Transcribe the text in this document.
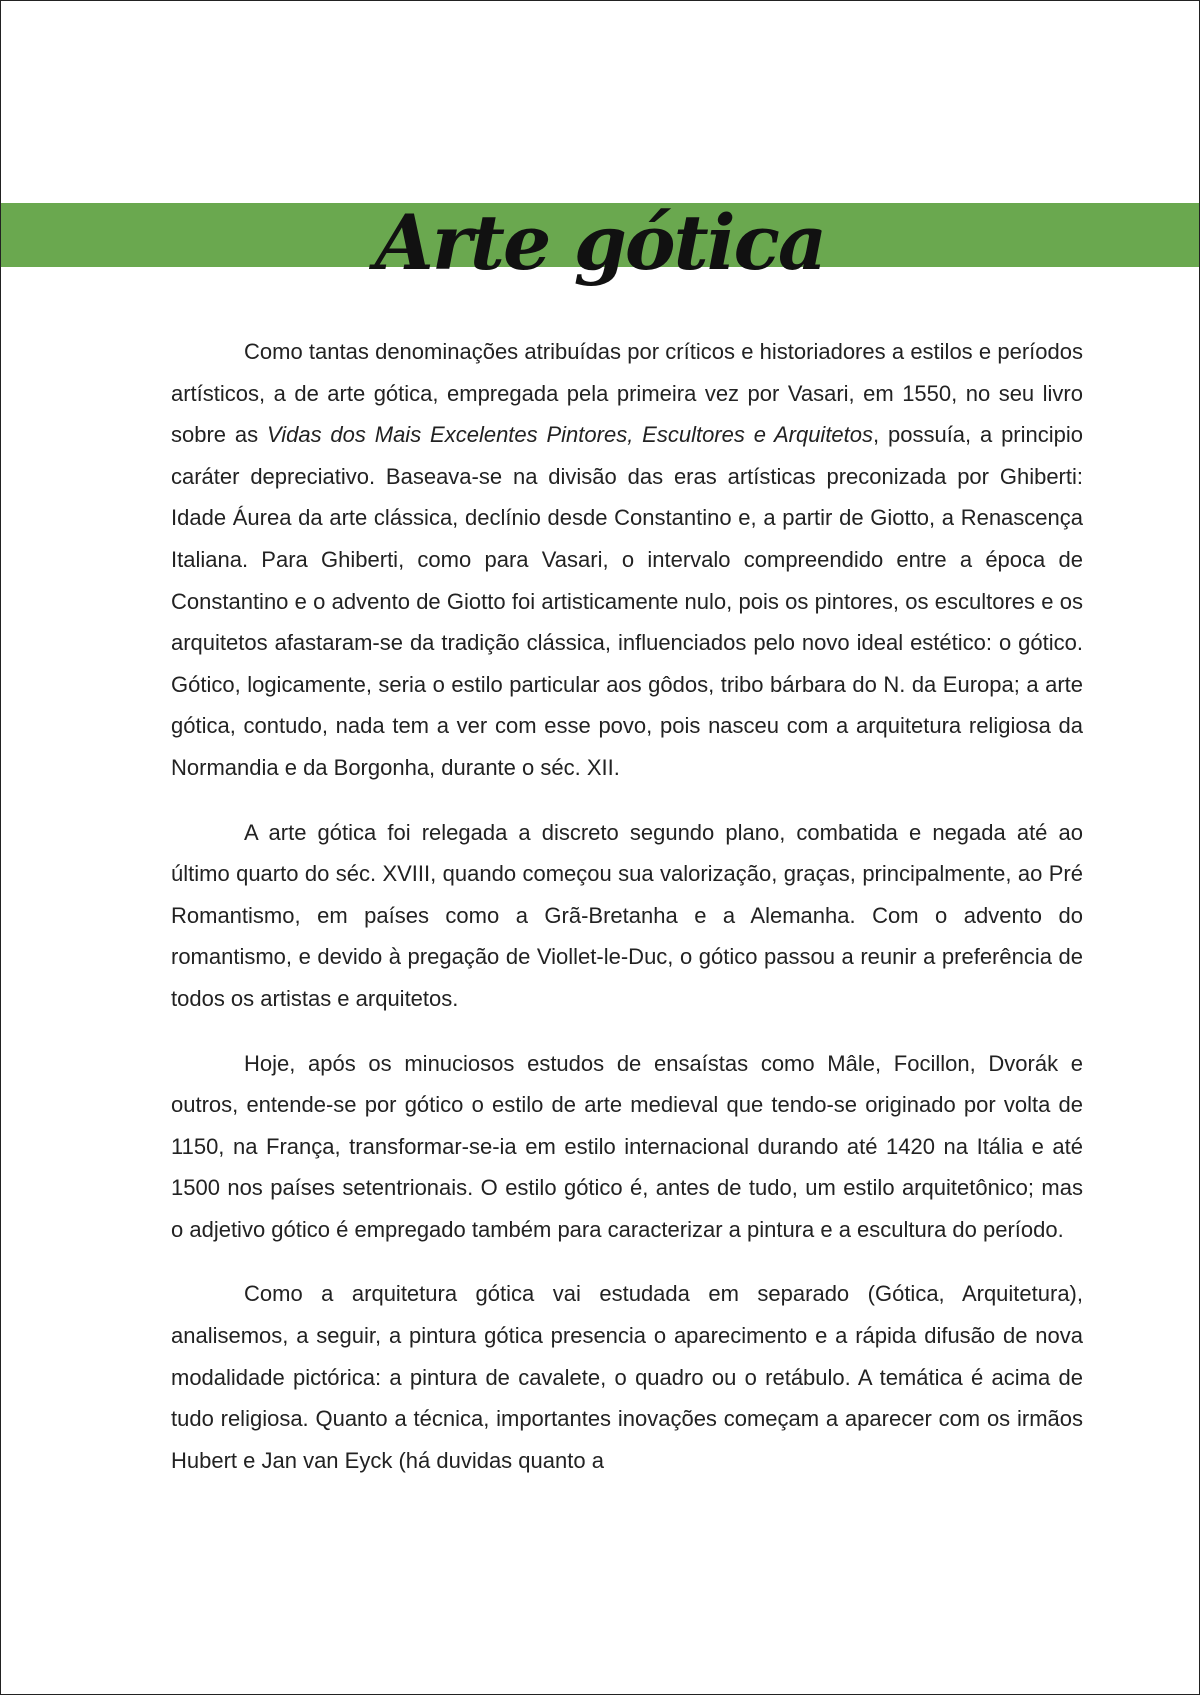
Arte gótica

Como tantas denominações atribuídas por críticos e historiadores a estilos e períodos artísticos, a de arte gótica, empregada pela primeira vez por Vasari, em 1550, no seu livro sobre as Vidas dos Mais Excelentes Pintores, Escultores e Arquitetos, possuía, a principio caráter depreciativo. Baseava-se na divisão das eras artísticas preconizada por Ghiberti: Idade Áurea da arte clássica, declínio desde Constantino e, a partir de Giotto, a Renascença Italiana. Para Ghiberti, como para Vasari, o intervalo compreendido entre a época de Constantino e o advento de Giotto foi artisticamente nulo, pois os pintores, os escultores e os arquitetos afastaram-se da tradição clássica, influenciados pelo novo ideal estético: o gótico. Gótico, logicamente, seria o estilo particular aos gôdos, tribo bárbara do N. da Europa; a arte gótica, contudo, nada tem a ver com esse povo, pois nasceu com a arquitetura religiosa da Normandia e da Borgonha, durante o séc. XII.

A arte gótica foi relegada a discreto segundo plano, combatida e negada até ao último quarto do séc. XVIII, quando começou sua valorização, graças, principalmente, ao Pré Romantismo, em países como a Grã-Bretanha e a Alemanha. Com o advento do romantismo, e devido à pregação de Viollet-le-Duc, o gótico passou a reunir a preferência de todos os artistas e arquitetos.

Hoje, após os minuciosos estudos de ensaístas como Mâle, Focillon, Dvorák e outros, entende-se por gótico o estilo de arte medieval que tendo-se originado por volta de 1150, na França, transformar-se-ia em estilo internacional durando até 1420 na Itália e até 1500 nos países setentrionais. O estilo gótico é, antes de tudo, um estilo arquitetônico; mas o adjetivo gótico é empregado também para caracterizar a pintura e a escultura do período.

Como a arquitetura gótica vai estudada em separado (Gótica, Arquitetura), analisemos, a seguir, a pintura gótica presencia o aparecimento e a rápida difusão de nova modalidade pictórica: a pintura de cavalete, o quadro ou o retábulo. A temática é acima de tudo religiosa. Quanto a técnica, importantes inovações começam a aparecer com os irmãos Hubert e Jan van Eyck (há duvidas quanto a
